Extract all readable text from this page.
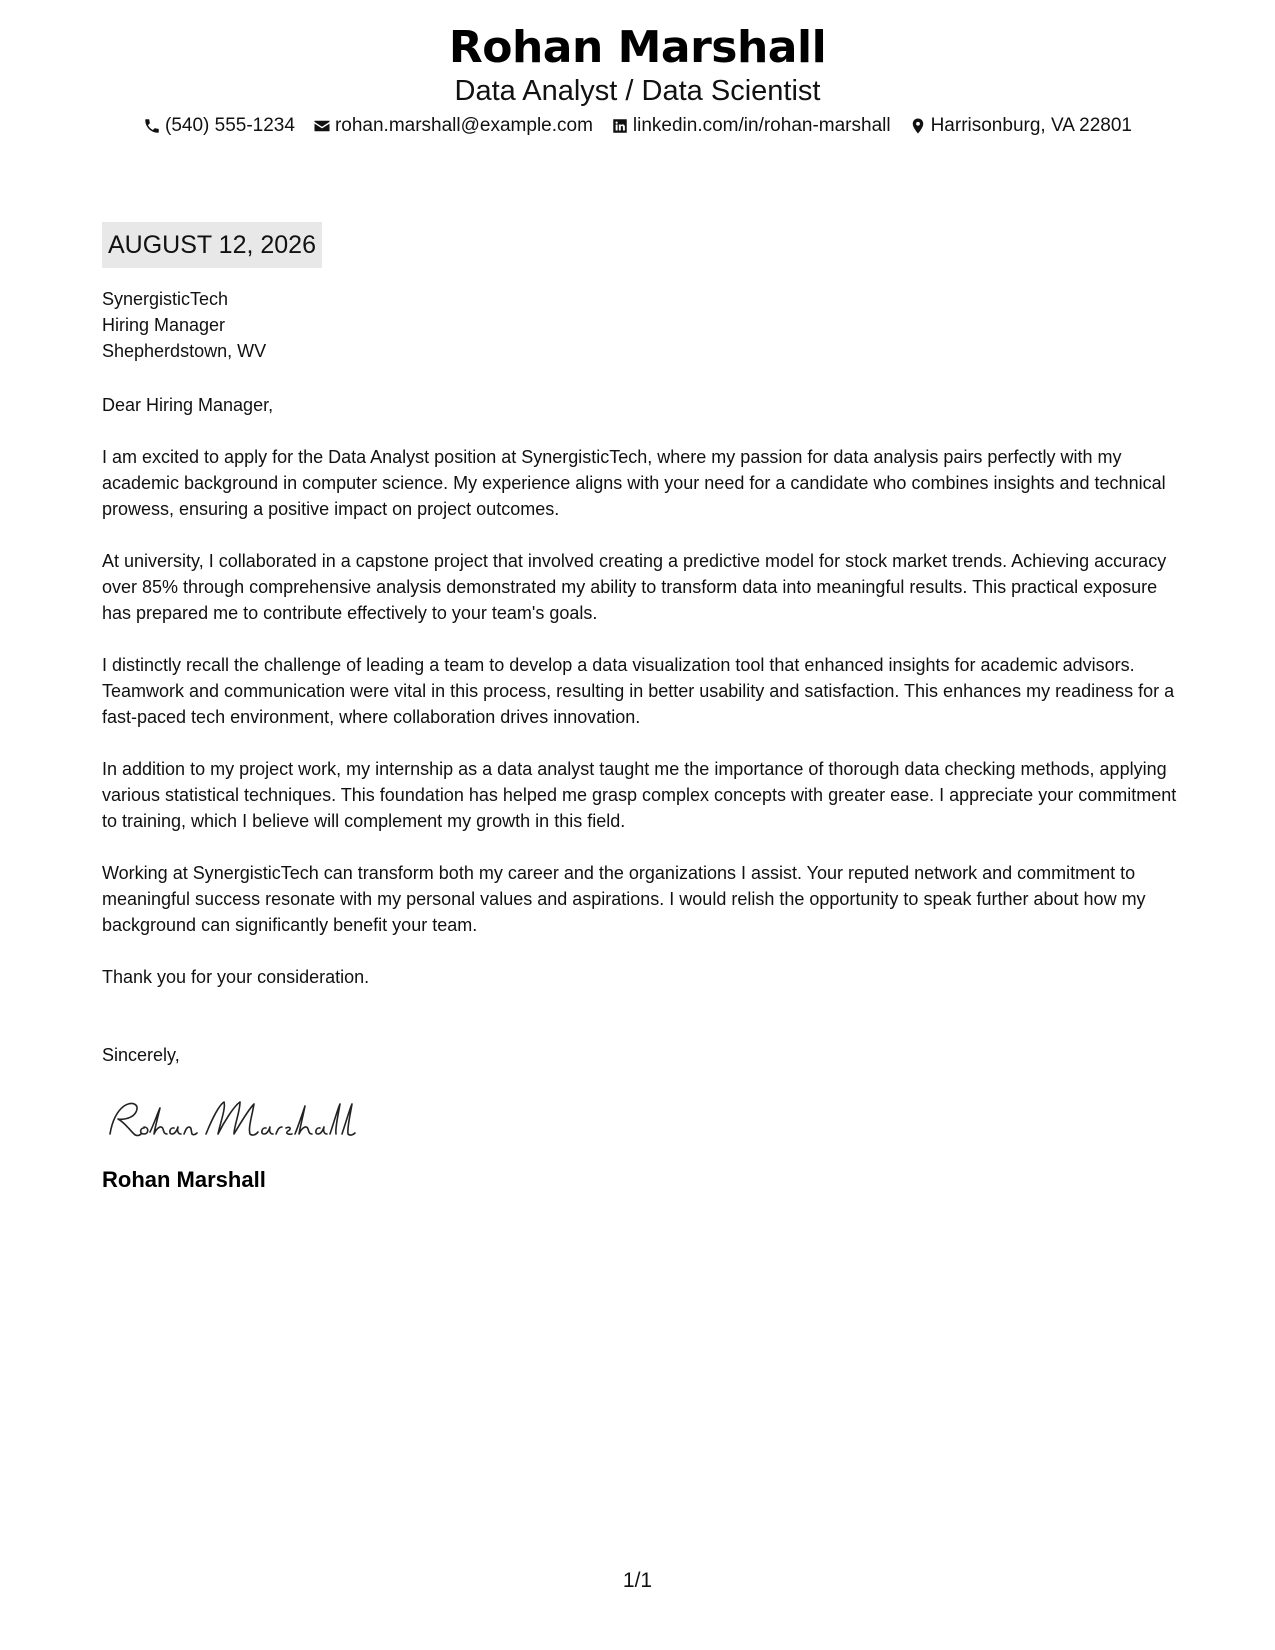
Rohan Marshall
Data Analyst / Data Scientist
(540) 555-1234 rohan.marshall@example.com linkedin.com/in/rohan-marshall Harrisonburg, VA 22801
AUGUST 12, 2026
SynergisticTech
Hiring Manager
Shepherdstown, WV
Dear Hiring Manager,
I am excited to apply for the Data Analyst position at SynergisticTech, where my passion for data analysis pairs perfectly with my academic background in computer science. My experience aligns with your need for a candidate who combines insights and technical prowess, ensuring a positive impact on project outcomes.
At university, I collaborated in a capstone project that involved creating a predictive model for stock market trends. Achieving accuracy over 85% through comprehensive analysis demonstrated my ability to transform data into meaningful results. This practical exposure has prepared me to contribute effectively to your team's goals.
I distinctly recall the challenge of leading a team to develop a data visualization tool that enhanced insights for academic advisors. Teamwork and communication were vital in this process, resulting in better usability and satisfaction. This enhances my readiness for a fast-paced tech environment, where collaboration drives innovation.
In addition to my project work, my internship as a data analyst taught me the importance of thorough data checking methods, applying various statistical techniques. This foundation has helped me grasp complex concepts with greater ease. I appreciate your commitment to training, which I believe will complement my growth in this field.
Working at SynergisticTech can transform both my career and the organizations I assist. Your reputed network and commitment to meaningful success resonate with my personal values and aspirations. I would relish the opportunity to speak further about how my background can significantly benefit your team.
Thank you for your consideration.
Sincerely,
Rohan Marshall
1/1
